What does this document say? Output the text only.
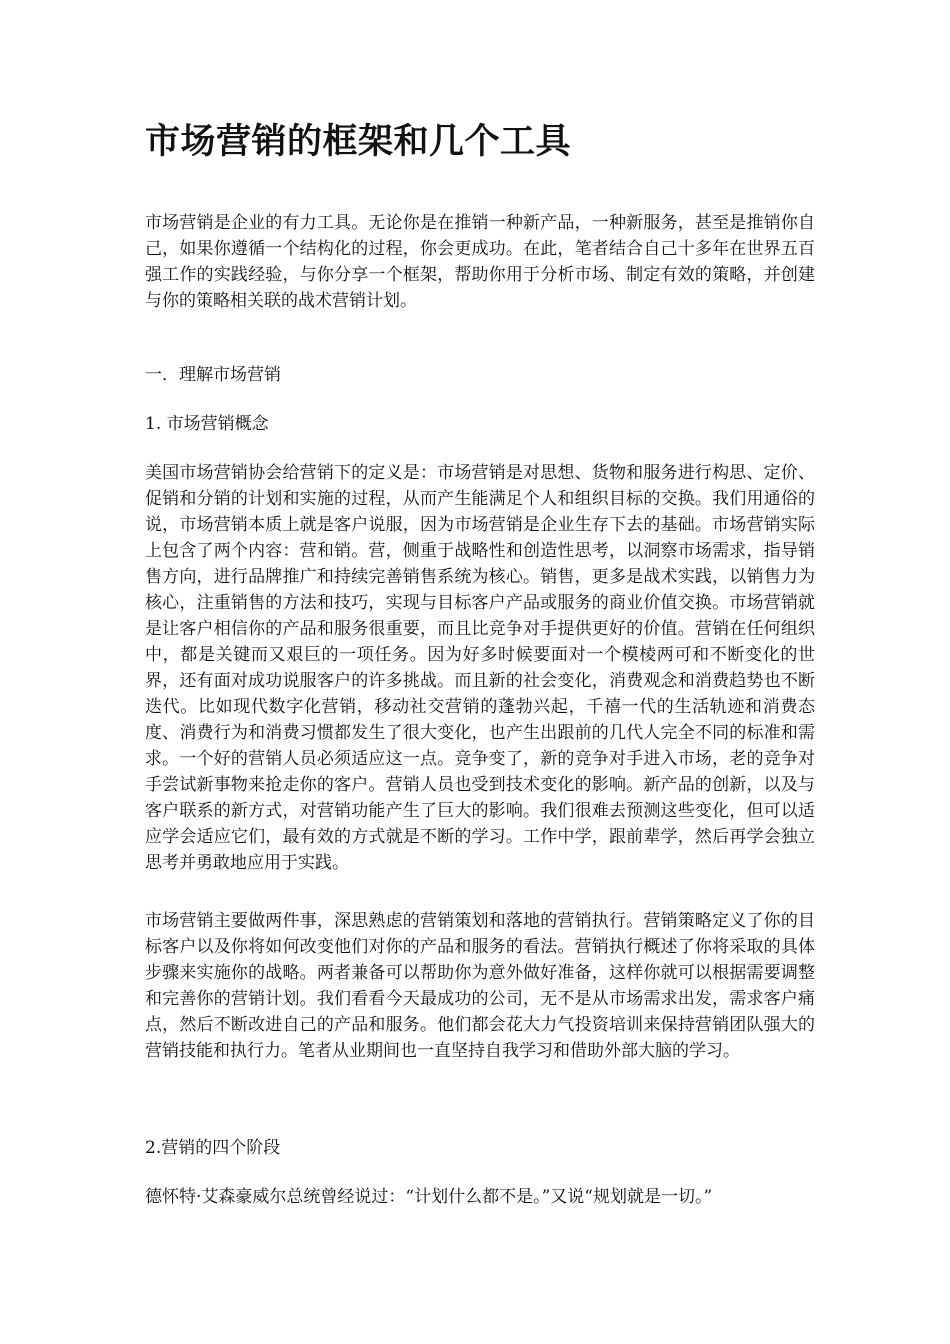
市场营销的框架和几个工具

市场营销是企业的有力工具。无论你是在推销一种新产品，一种新服务，甚至是推销你自己，如果你遵循一个结构化的过程，你会更成功。在此，笔者结合自己十多年在世界五百强工作的实践经验，与你分享一个框架，帮助你用于分析市场、制定有效的策略，并创建与你的策略相关联的战术营销计划。

一．理解市场营销
1. 市场营销概念

美国市场营销协会给营销下的定义是：市场营销是对思想、货物和服务进行构思、定价、促销和分销的计划和实施的过程，从而产生能满足个人和组织目标的交换。我们用通俗的说，市场营销本质上就是客户说服，因为市场营销是企业生存下去的基础。市场营销实际上包含了两个内容：营和销。营，侧重于战略性和创造性思考，以洞察市场需求，指导销售方向，进行品牌推广和持续完善销售系统为核心。销售，更多是战术实践，以销售力为核心，注重销售的方法和技巧，实现与目标客户产品或服务的商业价值交换。市场营销就是让客户相信你的产品和服务很重要，而且比竞争对手提供更好的价值。营销在任何组织中，都是关键而又艰巨的一项任务。因为好多时候要面对一个模棱两可和不断变化的世界，还有面对成功说服客户的许多挑战。而且新的社会变化，消费观念和消费趋势也不断迭代。比如现代数字化营销，移动社交营销的蓬勃兴起，千禧一代的生活轨迹和消费态度、消费行为和消费习惯都发生了很大变化，也产生出跟前的几代人完全不同的标准和需求。一个好的营销人员必须适应这一点。竞争变了，新的竞争对手进入市场，老的竞争对手尝试新事物来抢走你的客户。营销人员也受到技术变化的影响。新产品的创新，以及与客户联系的新方式，对营销功能产生了巨大的影响。我们很难去预测这些变化，但可以适应学会适应它们，最有效的方式就是不断的学习。工作中学，跟前辈学，然后再学会独立思考并勇敢地应用于实践。

市场营销主要做两件事，深思熟虑的营销策划和落地的营销执行。营销策略定义了你的目标客户以及你将如何改变他们对你的产品和服务的看法。营销执行概述了你将采取的具体步骤来实施你的战略。两者兼备可以帮助你为意外做好准备，这样你就可以根据需要调整和完善你的营销计划。我们看看今天最成功的公司，无不是从市场需求出发，需求客户痛点，然后不断改进自己的产品和服务。他们都会花大力气投资培训来保持营销团队强大的营销技能和执行力。笔者从业期间也一直坚持自我学习和借助外部大脑的学习。

2.营销的四个阶段

德怀特·艾森豪威尔总统曾经说过：“计划什么都不是。”又说“规划就是一切。”
